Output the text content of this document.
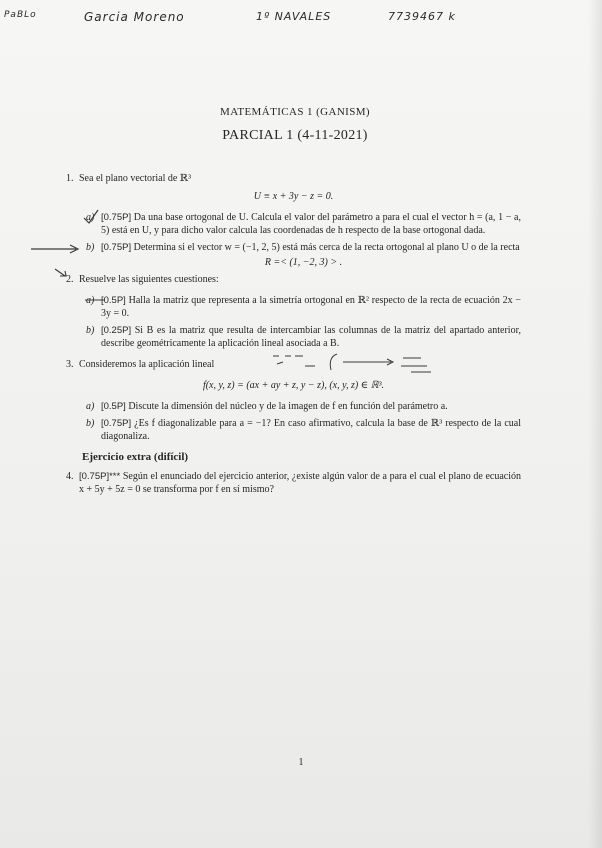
PaBLo	Garcia Moreno	1º NAVALES	7739467 k
MATEMÁTICAS 1 (GANISM)
PARCIAL 1 (4-11-2021)
1. Sea el plano vectorial de ℝ³
U ≡ x + 3y − z = 0.
a) [0.75P] Da una base ortogonal de U. Calcula el valor del parámetro a para el cual el vector h = (a, 1 − a, 5) está en U, y para dicho valor calcula las coordenadas de h respecto de la base ortogonal dada.
b) [0.75P] Determina si el vector w = (−1, 2, 5) está más cerca de la recta ortogonal al plano U o de la recta
R =< (1, −2, 3) > .
2. Resuelve las siguientes cuestiones:
a) [0.5P] Halla la matriz que representa a la simetría ortogonal en ℝ² respecto de la recta de ecuación 2x − 3y = 0.
b) [0.25P] Si B es la matriz que resulta de intercambiar las columnas de la matriz del apartado anterior, describe geométricamente la aplicación lineal asociada a B.
3. Consideremos la aplicación lineal
f(x, y, z) = (ax + ay + z, y − z), (x, y, z) ∈ ℝ³.
a) [0.5P] Discute la dimensión del núcleo y de la imagen de f en función del parámetro a.
b) [0.75P] ¿Es f diagonalizable para a = −1? En caso afirmativo, calcula la base de ℝ³ respecto de la cual diagonaliza.
Ejercicio extra (difícil)
4. [0.75P]*** Según el enunciado del ejercicio anterior, ¿existe algún valor de a para el cual el plano de ecuación x + 5y + 5z = 0 se transforma por f en sí mismo?
1
